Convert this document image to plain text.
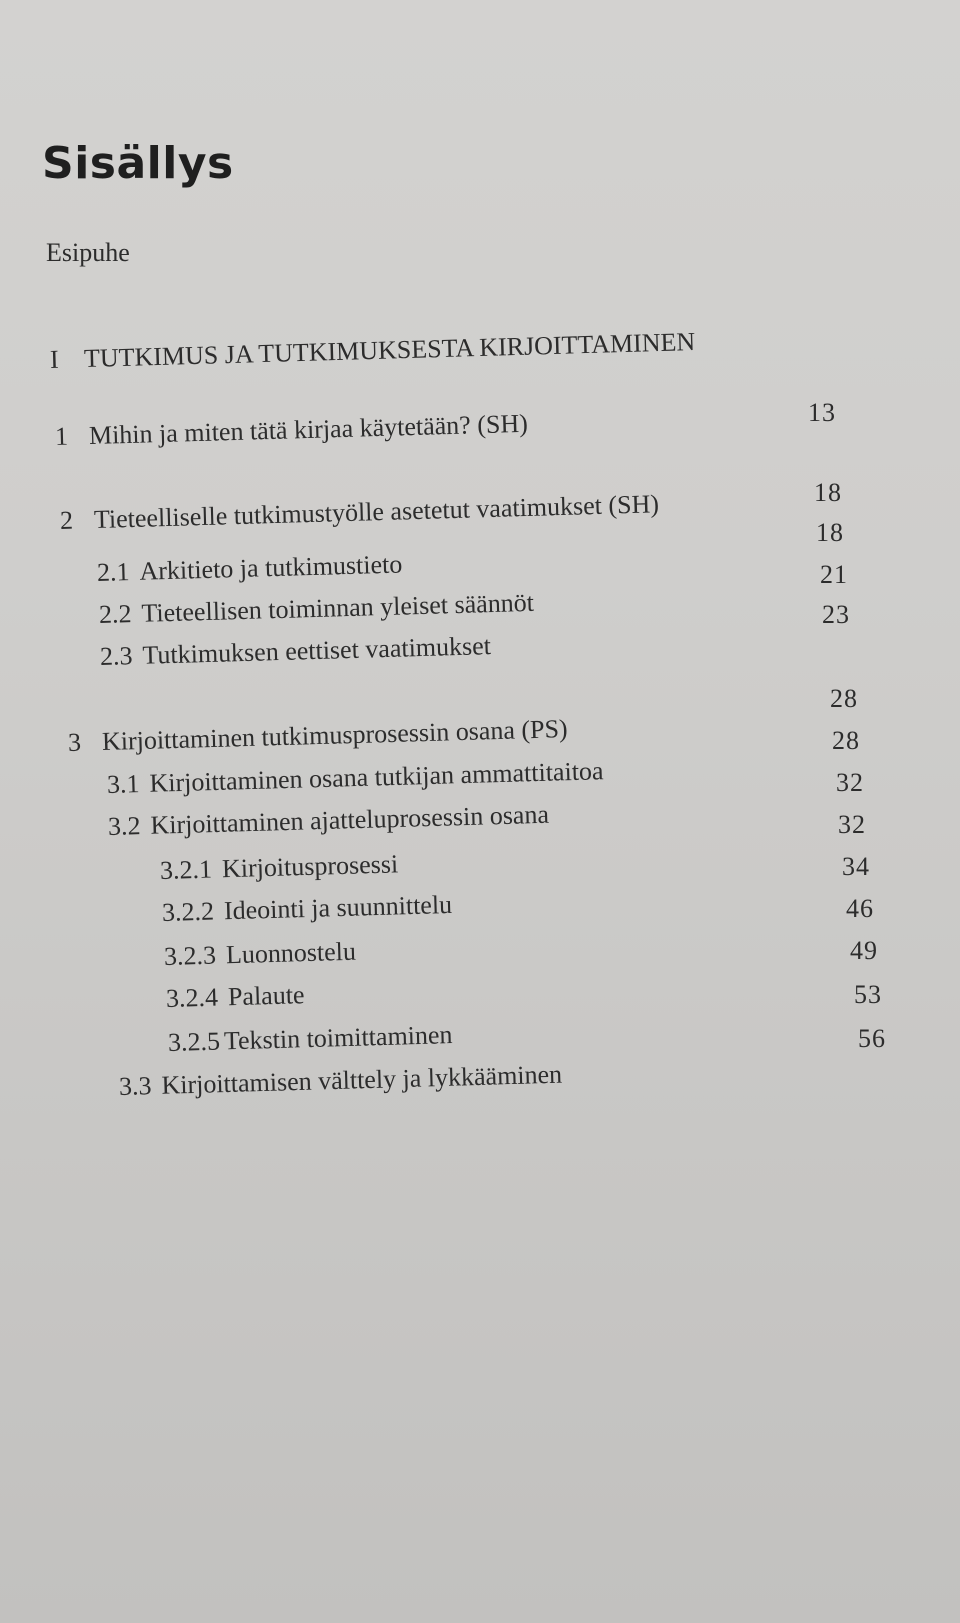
Sisällys
Esipuhe
I TUTKIMUS JA TUTKIMUKSESTA KIRJOITTAMINEN
1 Mihin ja miten tätä kirjaa käytetään? (SH)	13
2 Tieteelliselle tutkimustyölle asetetut vaatimukset (SH)	18
2.1 Arkitieto ja tutkimustieto
18
2.2 Tieteellisen toiminnan yleiset säännöt
21
2.3 Tutkimuksen eettiset vaatimukset
23
3 Kirjoittaminen tutkimusprosessin osana (PS)
28
3.1 Kirjoittaminen osana tutkijan ammattitaitoa
28
3.2 Kirjoittaminen ajatteluprosessin osana
32
3.2.1 Kirjoitusprosessi
32
3.2.2 Ideointi ja suunnittelu
34
3.2.3 Luonnostelu
46
3.2.4 Palaute
49
3.2.5 Tekstin toimittaminen
53
3.3 Kirjoittamisen välttely ja lykkääminen
56
